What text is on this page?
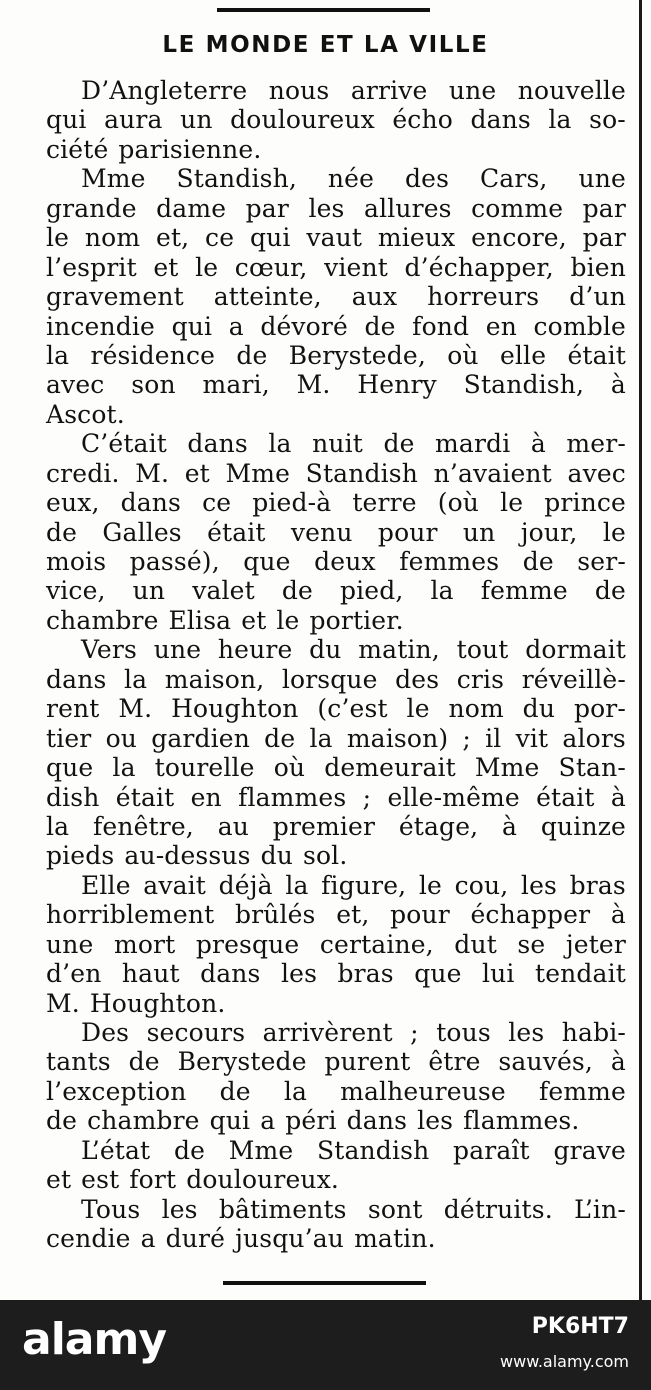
LE MONDE ET LA VILLE
D’Angleterre nous arrive une nouvelle
qui aura un douloureux écho dans la so-
ciété parisienne.
Mme Standish, née des Cars, une
grande dame par les allures comme par
le nom et, ce qui vaut mieux encore, par
l’esprit et le cœur, vient d’échapper, bien
gravement atteinte, aux horreurs d’un
incendie qui a dévoré de fond en comble
la résidence de Berystede, où elle était
avec son mari, M. Henry Standish, à
Ascot.
C’était dans la nuit de mardi à mer-
credi. M. et Mme Standish n’avaient avec
eux, dans ce pied-à terre (où le prince
de Galles était venu pour un jour, le
mois passé), que deux femmes de ser-
vice, un valet de pied, la femme de
chambre Elisa et le portier.
Vers une heure du matin, tout dormait
dans la maison, lorsque des cris réveillè-
rent M. Houghton (c’est le nom du por-
tier ou gardien de la maison) ; il vit alors
que la tourelle où demeurait Mme Stan-
dish était en flammes ; elle-même était à
la fenêtre, au premier étage, à quinze
pieds au-dessus du sol.
Elle avait déjà la figure, le cou, les bras
horriblement brûlés et, pour échapper à
une mort presque certaine, dut se jeter
d’en haut dans les bras que lui tendait
M. Houghton.
Des secours arrivèrent ; tous les habi-
tants de Berystede purent être sauvés, à
l’exception de la malheureuse femme
de chambre qui a péri dans les flammes.
L’état de Mme Standish paraît grave
et est fort douloureux.
Tous les bâtiments sont détruits. L’in-
cendie a duré jusqu’au matin.
alamy	PK6HT7
www.alamy.com
